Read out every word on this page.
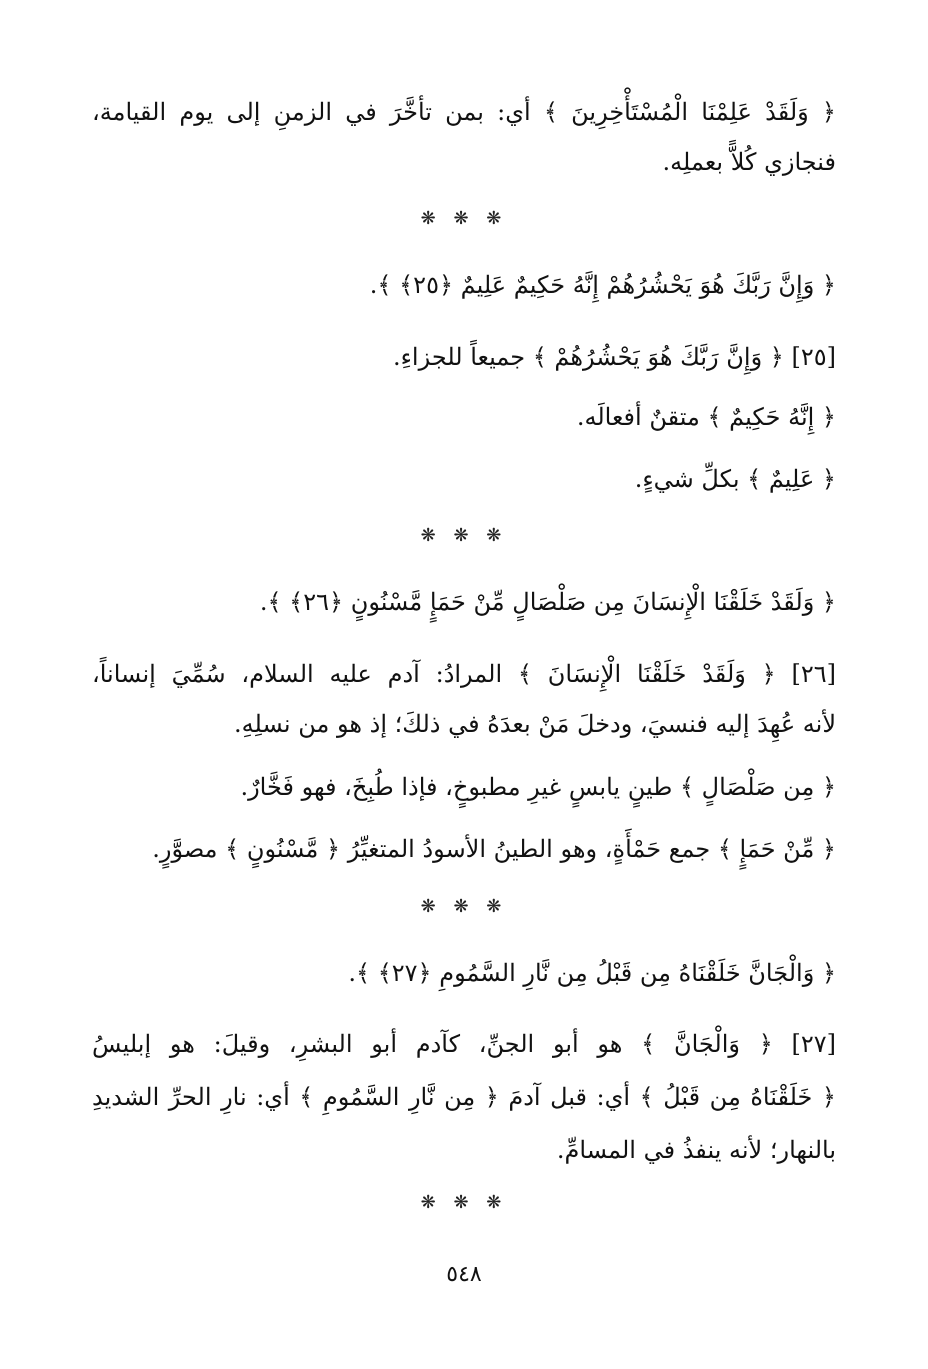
﴿ وَلَقَدْ عَلِمْنَا الْمُسْتَأْخِرِينَ ﴾ أي: بمن تأخَّرَ في الزمنِ إلى يوم القيامة،
فنجازي كُلاًّ بعملِه.
❋ ❋ ❋
﴿ وَإِنَّ رَبَّكَ هُوَ يَحْشُرُهُمْ إِنَّهُ حَكِيمٌ عَلِيمٌ ﴿٢٥﴾ ﴾.
[٢٥] ﴿ وَإِنَّ رَبَّكَ هُوَ يَحْشُرُهُمْ ﴾ جميعاً للجزاءِ.
﴿ إِنَّهُ حَكِيمٌ ﴾ متقنٌ أفعالَه.
﴿ عَلِيمٌ ﴾ بكلِّ شيءٍ.
❋ ❋ ❋
﴿ وَلَقَدْ خَلَقْنَا الْإِنسَانَ مِن صَلْصَالٍ مِّنْ حَمَإٍ مَّسْنُونٍ ﴿٢٦﴾ ﴾.
[٢٦] ﴿ وَلَقَدْ خَلَقْنَا الْإِنسَانَ ﴾ المرادُ: آدم عليه السلام، سُمِّيَ إنساناً،
لأنه عُهِدَ إليه فنسيَ، ودخلَ مَنْ بعدَهُ في ذلكَ؛ إذ هو من نسلِهِ.
﴿ مِن صَلْصَالٍ ﴾ طينٍ يابسٍ غيرِ مطبوخٍ، فإذا طُبِخَ، فهو فَخَّارٌ.
﴿ مِّنْ حَمَإٍ ﴾ جمع حَمْأَةٍ، وهو الطينُ الأسودُ المتغيِّرُ ﴿ مَّسْنُونٍ ﴾ مصوَّرٍ.
❋ ❋ ❋
﴿ وَالْجَانَّ خَلَقْنَاهُ مِن قَبْلُ مِن نَّارِ السَّمُومِ ﴿٢٧﴾ ﴾.
[٢٧] ﴿ وَالْجَانَّ ﴾ هو أبو الجنِّ، كآدم أبو البشرِ، وقيلَ: هو إبليسُ
﴿ خَلَقْنَاهُ مِن قَبْلُ ﴾ أي: قبل آدمَ ﴿ مِن نَّارِ السَّمُومِ ﴾ أي: نارِ الحرِّ الشديدِ
بالنهار؛ لأنه ينفذُ في المسامِّ.
❋ ❋ ❋
٥٤٨
